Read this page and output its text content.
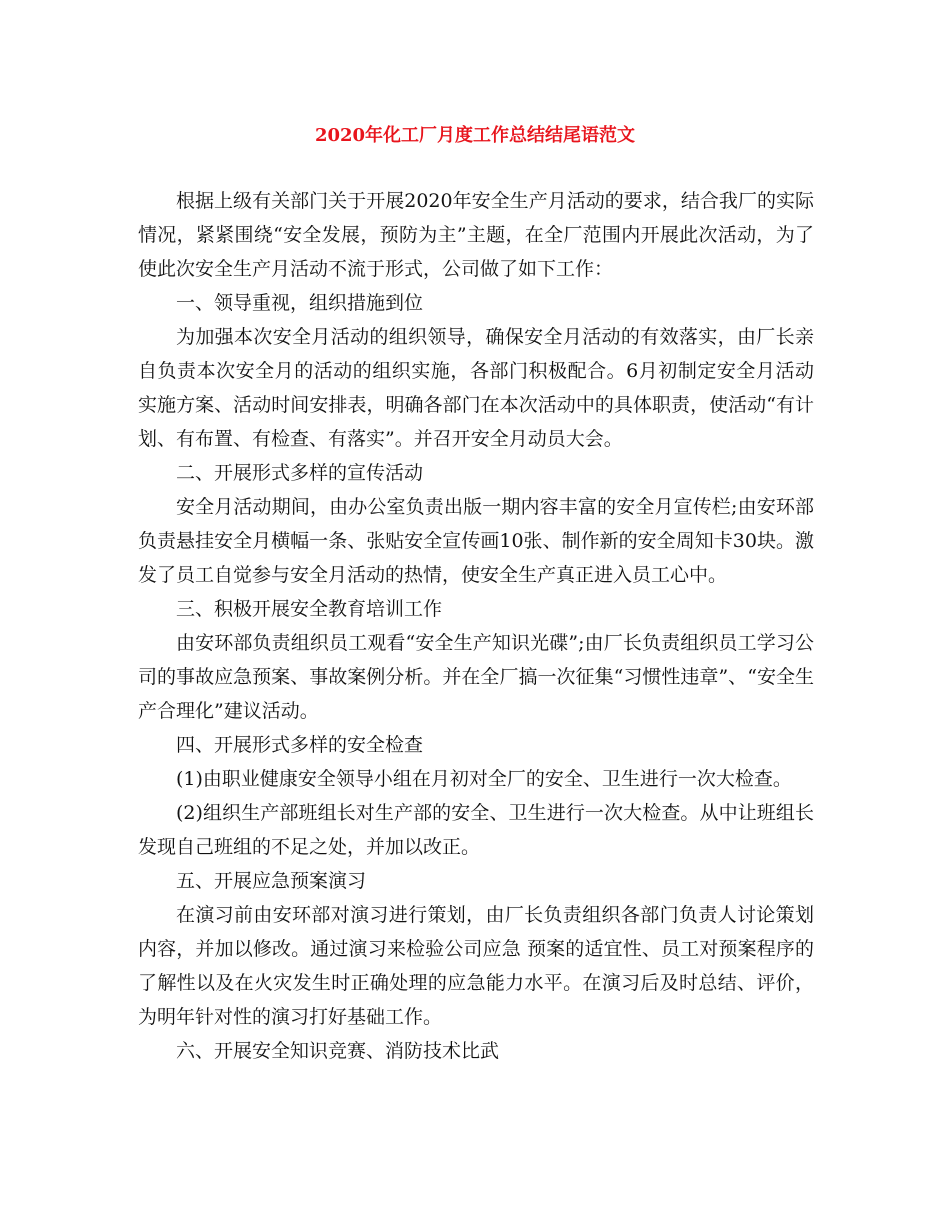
2020年化工厂月度工作总结结尾语范文

根据上级有关部门关于开展2020年安全生产月活动的要求，结合我厂的实际情况，紧紧围绕“安全发展，预防为主”主题，在全厂范围内开展此次活动，为了使此次安全生产月活动不流于形式，公司做了如下工作：

一、领导重视，组织措施到位

为加强本次安全月活动的组织领导，确保安全月活动的有效落实，由厂长亲自负责本次安全月的活动的组织实施，各部门积极配合。6月初制定安全月活动实施方案、活动时间安排表，明确各部门在本次活动中的具体职责，使活动“有计划、有布置、有检查、有落实”。并召开安全月动员大会。

二、开展形式多样的宣传活动

安全月活动期间，由办公室负责出版一期内容丰富的安全月宣传栏;由安环部负责悬挂安全月横幅一条、张贴安全宣传画10张、制作新的安全周知卡30块。激发了员工自觉参与安全月活动的热情，使安全生产真正进入员工心中。

三、积极开展安全教育培训工作

由安环部负责组织员工观看“安全生产知识光碟”;由厂长负责组织员工学习公司的事故应急预案、事故案例分析。并在全厂搞一次征集“习惯性违章”、“安全生产合理化”建议活动。

四、开展形式多样的安全检查

(1)由职业健康安全领导小组在月初对全厂的安全、卫生进行一次大检查。

(2)组织生产部班组长对生产部的安全、卫生进行一次大检查。从中让班组长发现自己班组的不足之处，并加以改正。

五、开展应急预案演习

在演习前由安环部对演习进行策划，由厂长负责组织各部门负责人讨论策划内容，并加以修改。通过演习来检验公司应急 预案的适宜性、员工对预案程序的了解性以及在火灾发生时正确处理的应急能力水平。在演习后及时总结、评价，为明年针对性的演习打好基础工作。

六、开展安全知识竞赛、消防技术比武
